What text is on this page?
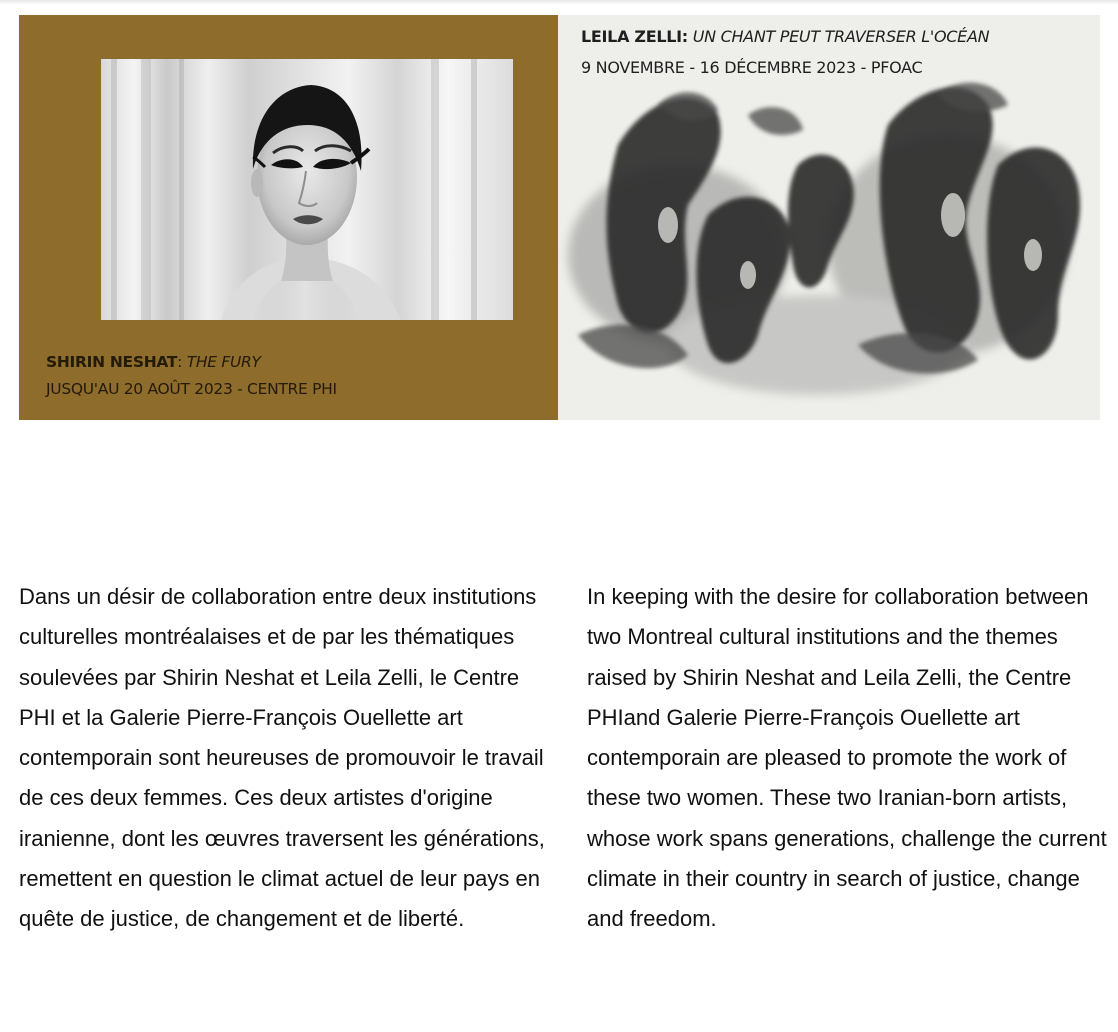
SHIRIN NESHAT: THE FURY
JUSQU'AU 20 AOÛT 2023 - CENTRE PHI
LEILA ZELLI: UN CHANT PEUT TRAVERSER L'OCÉAN
9 NOVEMBRE - 16 DÉCEMBRE 2023 - PFOAC

Dans un désir de collaboration entre deux institutions culturelles montréalaises et de par les thématiques soulevées par Shirin Neshat et Leila Zelli, le Centre PHI et la Galerie Pierre-François Ouellette art contemporain sont heureuses de promouvoir le travail de ces deux femmes. Ces deux artistes d'origine iranienne, dont les œuvres traversent les générations, remettent en question le climat actuel de leur pays en quête de justice, de changement et de liberté.

In keeping with the desire for collaboration between two Montreal cultural institutions and the themes raised by Shirin Neshat and Leila Zelli, the Centre PHIand Galerie Pierre-François Ouellette art contemporain are pleased to promote the work of these two women. These two Iranian-born artists, whose work spans generations, challenge the current climate in their country in search of justice, change and freedom.
